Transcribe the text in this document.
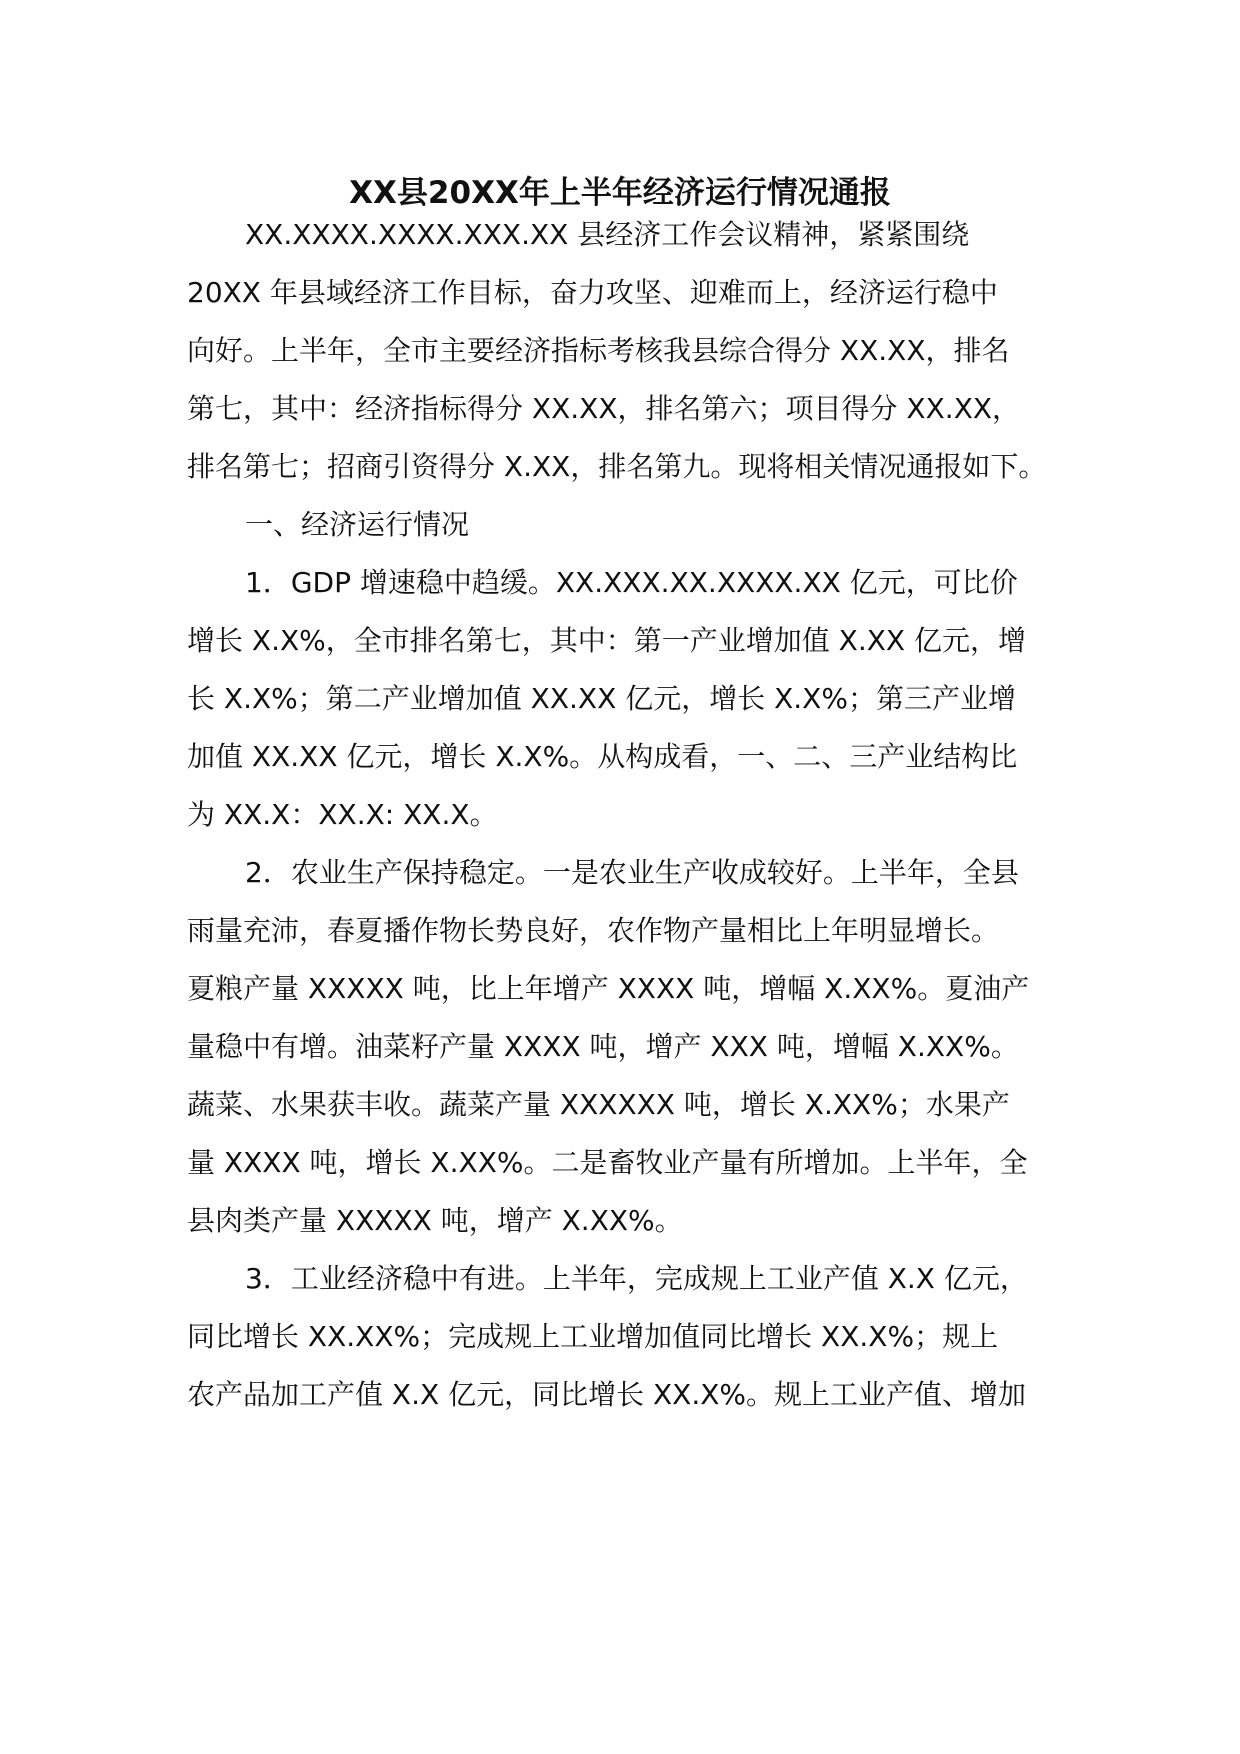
XX县20XX年上半年经济运行情况通报

XX.XXXX.XXXX.XXX.XX 县经济工作会议精神，紧紧围绕

20XX 年县域经济工作目标，奋力攻坚、迎难而上，经济运行稳中

向好。上半年，全市主要经济指标考核我县综合得分 XX.XX，排名

第七，其中：经济指标得分 XX.XX，排名第六；项目得分 XX.XX，

排名第七；招商引资得分 X.XX，排名第九。现将相关情况通报如下。

一、经济运行情况

1．GDP 增速稳中趋缓。XX.XXX.XX.XXXX.XX 亿元，可比价

增长 X.X%，全市排名第七，其中：第一产业增加值 X.XX 亿元，增

长 X.X%；第二产业增加值 XX.XX 亿元，增长 X.X%；第三产业增

加值 XX.XX 亿元，增长 X.X%。从构成看，一、二、三产业结构比

为 XX.X：XX.X: XX.X。

2．农业生产保持稳定。一是农业生产收成较好。上半年，全县

雨量充沛，春夏播作物长势良好，农作物产量相比上年明显增长。

夏粮产量 XXXXX 吨，比上年增产 XXXX 吨，增幅 X.XX%。夏油产

量稳中有增。油菜籽产量 XXXX 吨，增产 XXX 吨，增幅 X.XX%。

蔬菜、水果获丰收。蔬菜产量 XXXXXX 吨，增长 X.XX%；水果产

量 XXXX 吨，增长 X.XX%。二是畜牧业产量有所增加。上半年，全

县肉类产量 XXXXX 吨，增产 X.XX%。

3．工业经济稳中有进。上半年，完成规上工业产值 X.X 亿元，

同比增长 XX.XX%；完成规上工业增加值同比增长 XX.X%；规上

农产品加工产值 X.X 亿元，同比增长 XX.X%。规上工业产值、增加
